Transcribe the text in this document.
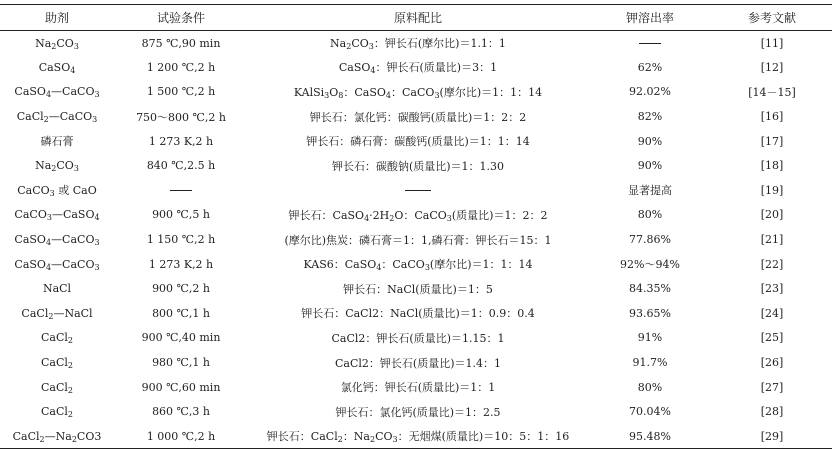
助剂	试验条件	原料配比	钾溶出率	参考文献
$Na_2CO_3$	875 ℃,90 min	$Na_2CO_3$：钾长石(摩尔比)＝1.1：1		[11]
CaSO$_4$	1 200 ℃,2 h	CaSO$_4$：钾长石(质量比)＝3：1	62%	[12]
CaSO$_4$—CaCO$_3$	1 500 ℃,2 h	$KAlSi_3O_8$：CaSO$_4$：CaCO$_3$(摩尔比)＝1：1：14	92.02%	[14－15]
CaCl$_2$—CaCO$_3$	750～800 ℃,2 h	钾长石：氯化钙：碳酸钙(质量比)＝1：2：2	82%	[16]
磷石膏	1 273 K,2 h	钾长石：磷石膏：碳酸钙(质量比)＝1：1：14	90%	[17]
$Na_2CO_3$	840 ℃,2.5 h	钾长石：碳酸钠(质量比)＝1：1.30	90%	[18]
CaCO$_3$ 或 CaO			显著提高	[19]
CaCO$_3$—CaSO$_4$	900 ℃,5 h	钾长石：$CaSO_4\cdot 2H_2O$：CaCO$_3$(质量比)＝1：2：2	80%	[20]
CaSO$_4$—CaCO$_3$	1 150 ℃,2 h	(摩尔比)焦炭：磷石膏＝1：1,磷石膏：钾长石＝15：1	77.86%	[21]
CaSO$_4$—CaCO$_3$	1 273 K,2 h	KAS6：CaSO$_4$：CaCO$_3$(摩尔比)＝1：1：14	92%～94%	[22]
NaCl	900 ℃,2 h	钾长石：NaCl(质量比)＝1：5	84.35%	[23]
CaCl$_2$—NaCl	800 ℃,1 h	钾长石：CaCl2：NaCl(质量比)＝1：0.9：0.4	93.65%	[24]
CaCl$_2$	900 ℃,40 min	CaCl2：钾长石(质量比)＝1.15：1	91%	[25]
CaCl$_2$	980 ℃,1 h	CaCl2：钾长石(质量比)＝1.4：1	91.7%	[26]
CaCl$_2$	900 ℃,60 min	氯化钙：钾长石(质量比)＝1：1	80%	[27]
CaCl$_2$	860 ℃,3 h	钾长石：氯化钙(质量比)＝1：2.5	70.04%	[28]
$CaCl_2—Na_2CO3$	1 000 ℃,2 h	钾长石：CaCl$_2$：$Na_2CO_3$：无烟煤(质量比)＝10：5：1：16	95.48%	[29]
